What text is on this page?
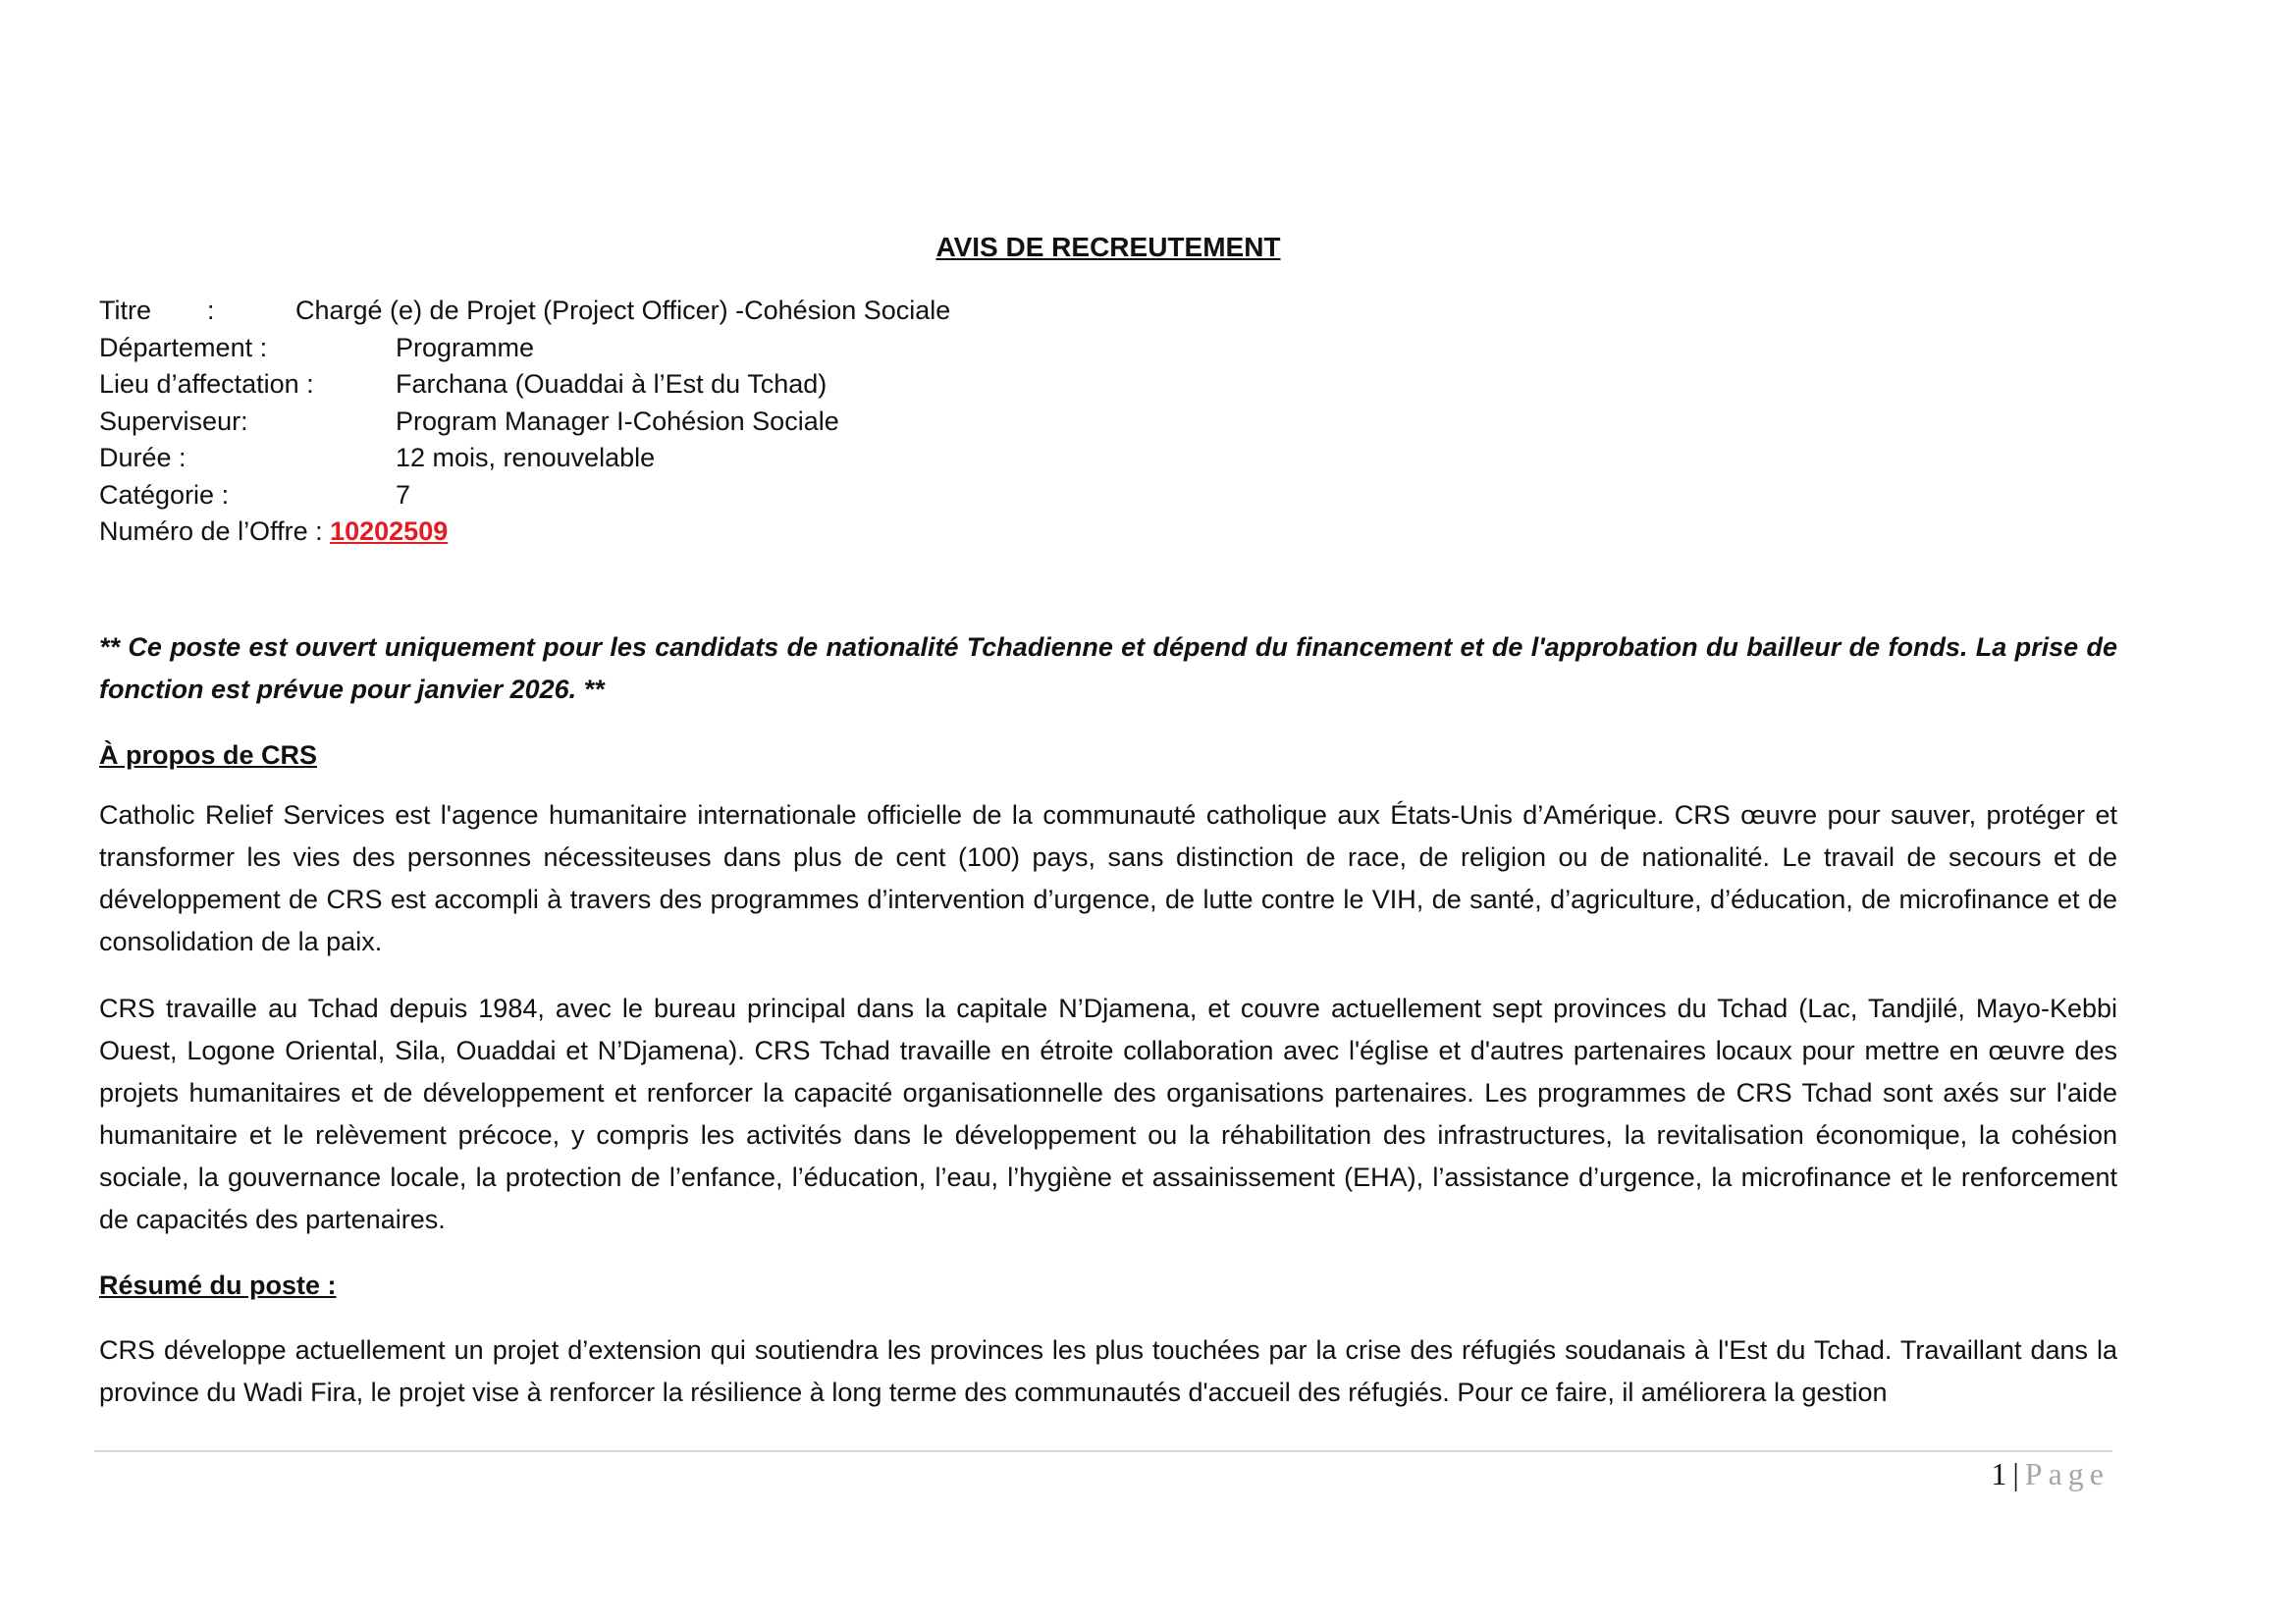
AVIS DE RECREUTEMENT
Titre	:	Chargé (e) de Projet (Project Officer) -Cohésion Sociale
Département :	Programme
Lieu d’affectation :	Farchana (Ouaddai à l’Est du Tchad)
Superviseur:	Program Manager I-Cohésion Sociale
Durée :	12 mois, renouvelable
Catégorie :	7
Numéro de l’Offre : 10202509
** Ce poste est ouvert uniquement pour les candidats de nationalité Tchadienne et dépend du financement et de l'approbation du bailleur de fonds. La prise de fonction est prévue pour janvier 2026. **
À propos de CRS
Catholic Relief Services est l'agence humanitaire internationale officielle de la communauté catholique aux États-Unis d’Amérique. CRS œuvre pour sauver, protéger et transformer les vies des personnes nécessiteuses dans plus de cent (100) pays, sans distinction de race, de religion ou de nationalité. Le travail de secours et de développement de CRS est accompli à travers des programmes d’intervention d’urgence, de lutte contre le VIH, de santé, d’agriculture, d’éducation, de microfinance et de consolidation de la paix.
CRS travaille au Tchad depuis 1984, avec le bureau principal dans la capitale N’Djamena, et couvre actuellement sept provinces du Tchad (Lac, Tandjilé, Mayo-Kebbi Ouest, Logone Oriental, Sila, Ouaddai et N’Djamena). CRS Tchad travaille en étroite collaboration avec l'église et d'autres partenaires locaux pour mettre en œuvre des projets humanitaires et de développement et renforcer la capacité organisationnelle des organisations partenaires. Les programmes de CRS Tchad sont axés sur l'aide humanitaire et le relèvement précoce, y compris les activités dans le développement ou la réhabilitation des infrastructures, la revitalisation économique, la cohésion sociale, la gouvernance locale, la protection de l’enfance, l’éducation, l’eau, l’hygiène et assainissement (EHA), l’assistance d’urgence, la microfinance et le renforcement de capacités des partenaires.
Résumé du poste :
CRS développe actuellement un projet d’extension qui soutiendra les provinces les plus touchées par la crise des réfugiés soudanais à l'Est du Tchad. Travaillant dans la province du Wadi Fira, le projet vise à renforcer la résilience à long terme des communautés d'accueil des réfugiés. Pour ce faire, il améliorera la gestion
1 | Page
